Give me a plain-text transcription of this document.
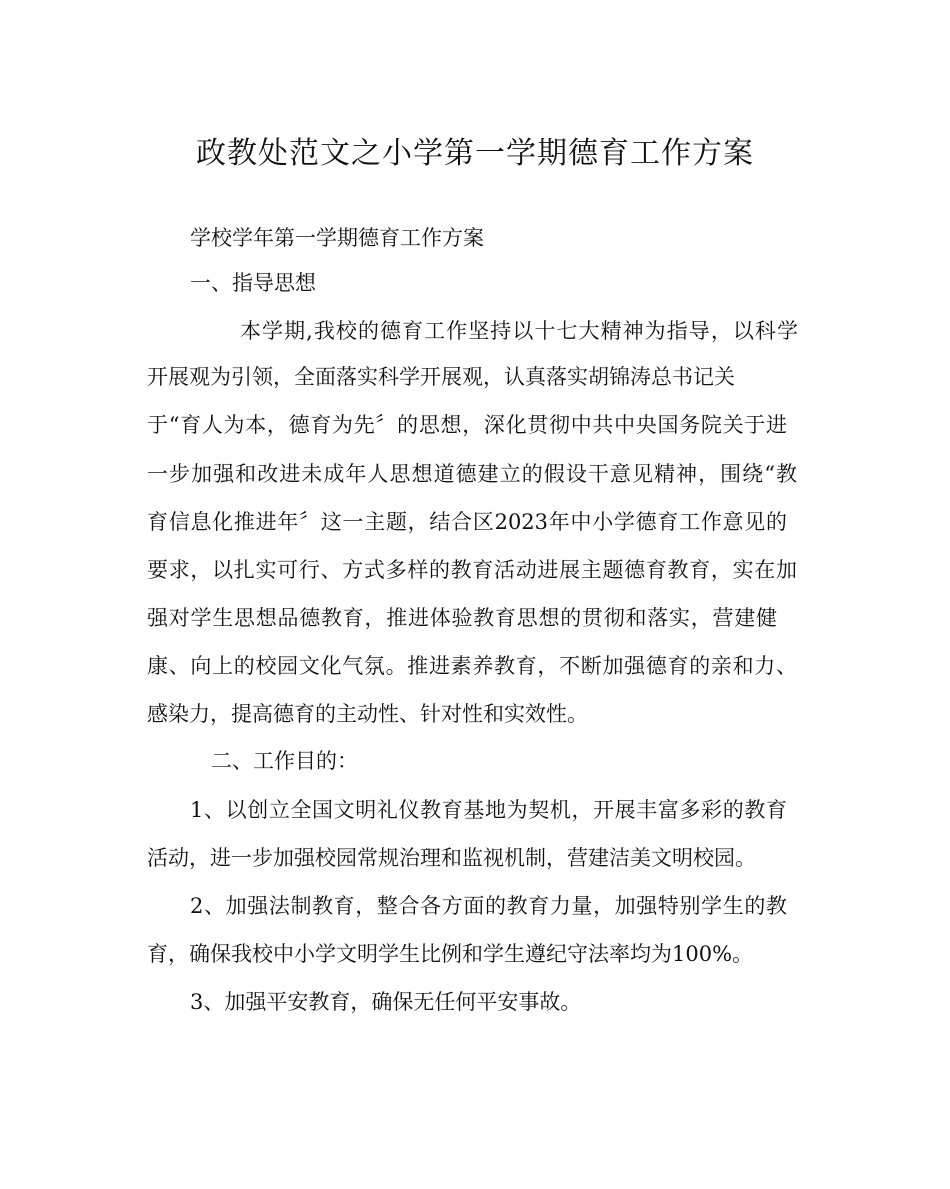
政教处范文之小学第一学期德育工作方案
学校学年第一学期德育工作方案
一、指导思想
本学期,我校的德育工作坚持以十七大精神为指导，以科学
开展观为引领，全面落实科学开展观，认真落实胡锦涛总书记关
于“育人为本，德育为先〞的思想，深化贯彻中共中央国务院关于进
一步加强和改进未成年人思想道德建立的假设干意见精神，围绕“教
育信息化推进年〞这一主题，结合区2023年中小学德育工作意见的
要求，以扎实可行、方式多样的教育活动进展主题德育教育，实在加
强对学生思想品德教育，推进体验教育思想的贯彻和落实，营建健
康、向上的校园文化气氛。推进素养教育，不断加强德育的亲和力、
感染力，提高德育的主动性、针对性和实效性。
二、工作目的：
1、以创立全国文明礼仪教育基地为契机，开展丰富多彩的教育
活动，进一步加强校园常规治理和监视机制，营建洁美文明校园。
2、加强法制教育，整合各方面的教育力量，加强特别学生的教
育，确保我校中小学文明学生比例和学生遵纪守法率均为100%。
3、加强平安教育，确保无任何平安事故。
